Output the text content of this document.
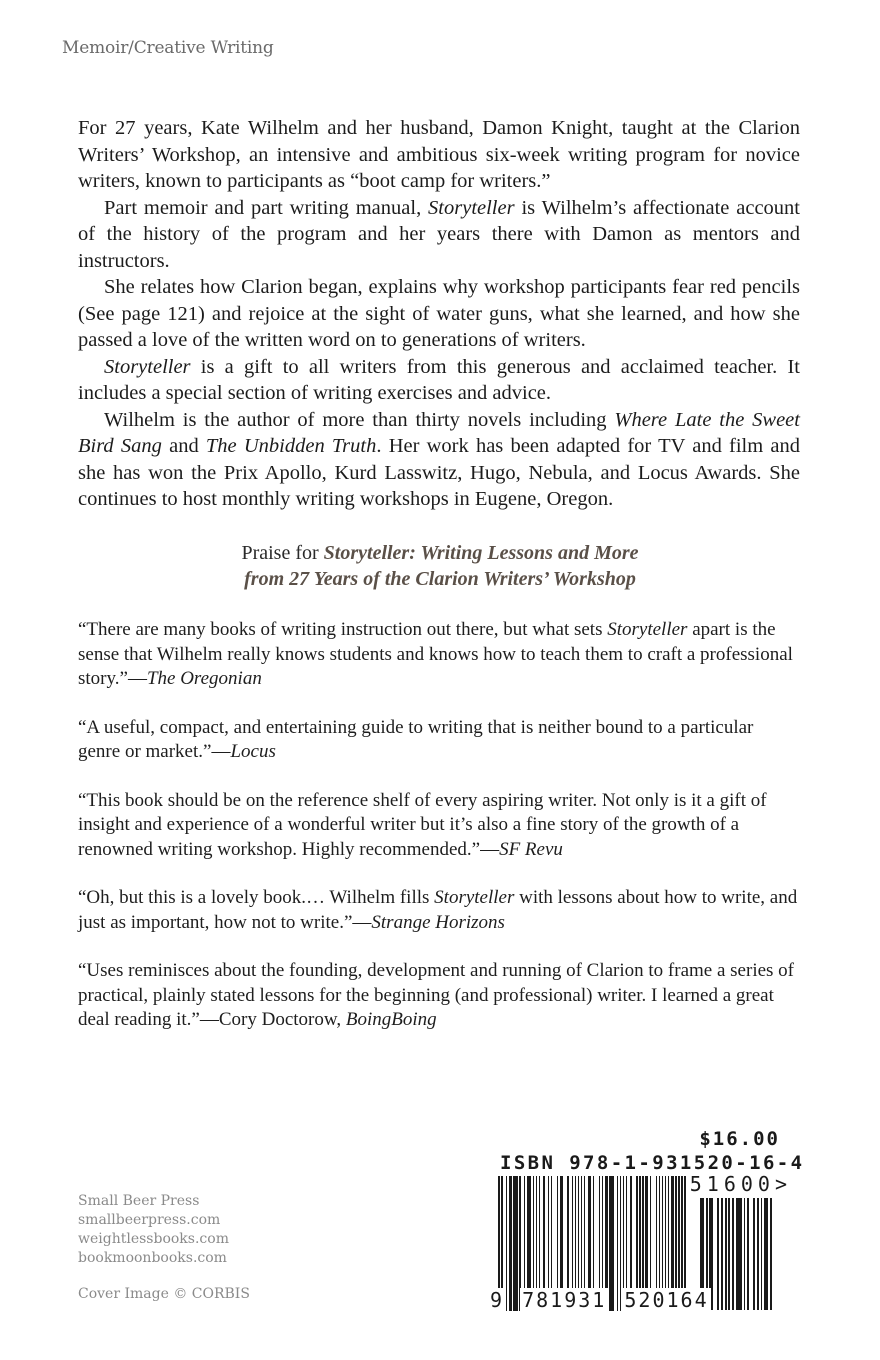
Memoir/Creative Writing

For 27 years, Kate Wilhelm and her husband, Damon Knight, taught at the Clarion Writers’ Workshop, an intensive and ambitious six-week writing program for novice writers, known to participants as “boot camp for writers.”

Part memoir and part writing manual, Storyteller is Wilhelm’s affectionate account of the history of the program and her years there with Damon as mentors and instructors.

She relates how Clarion began, explains why workshop participants fear red pencils (See page 121) and rejoice at the sight of water guns, what she learned, and how she passed a love of the written word on to generations of writers.

Storyteller is a gift to all writers from this generous and acclaimed teacher. It includes a special section of writing exercises and advice.

Wilhelm is the author of more than thirty novels including Where Late the Sweet Bird Sang and The Unbidden Truth. Her work has been adapted for TV and film and she has won the Prix Apollo, Kurd Lasswitz, Hugo, Nebula, and Locus Awards. She continues to host monthly writing workshops in Eugene, Oregon.

Praise for Storyteller: Writing Lessons and More
from 27 Years of the Clarion Writers’ Workshop

“There are many books of writing instruction out there, but what sets Storyteller apart is the sense that Wilhelm really knows students and knows how to teach them to craft a professional story.”—The Oregonian

“A useful, compact, and entertaining guide to writing that is neither bound to a particular genre or market.”—Locus

“This book should be on the reference shelf of every aspiring writer. Not only is it a gift of insight and experience of a wonderful writer but it’s also a fine story of the growth of a renowned writing workshop. Highly recommended.”—SF Revu

“Oh, but this is a lovely book.… Wilhelm fills Storyteller with lessons about how to write, and just as important, how not to write.”—Strange Horizons

“Uses reminisces about the founding, development and running of Clarion to frame a series of practical, plainly stated lessons for the beginning (and professional) writer. I learned a great deal reading it.”—Cory Doctorow, BoingBoing

Small Beer Press
smallbeerpress.com
weightlessbooks.com
bookmoonbooks.com
Cover Image © CORBIS
$16.00
ISBN 978-1-931520-16-4
51600>
9 781931 520164
